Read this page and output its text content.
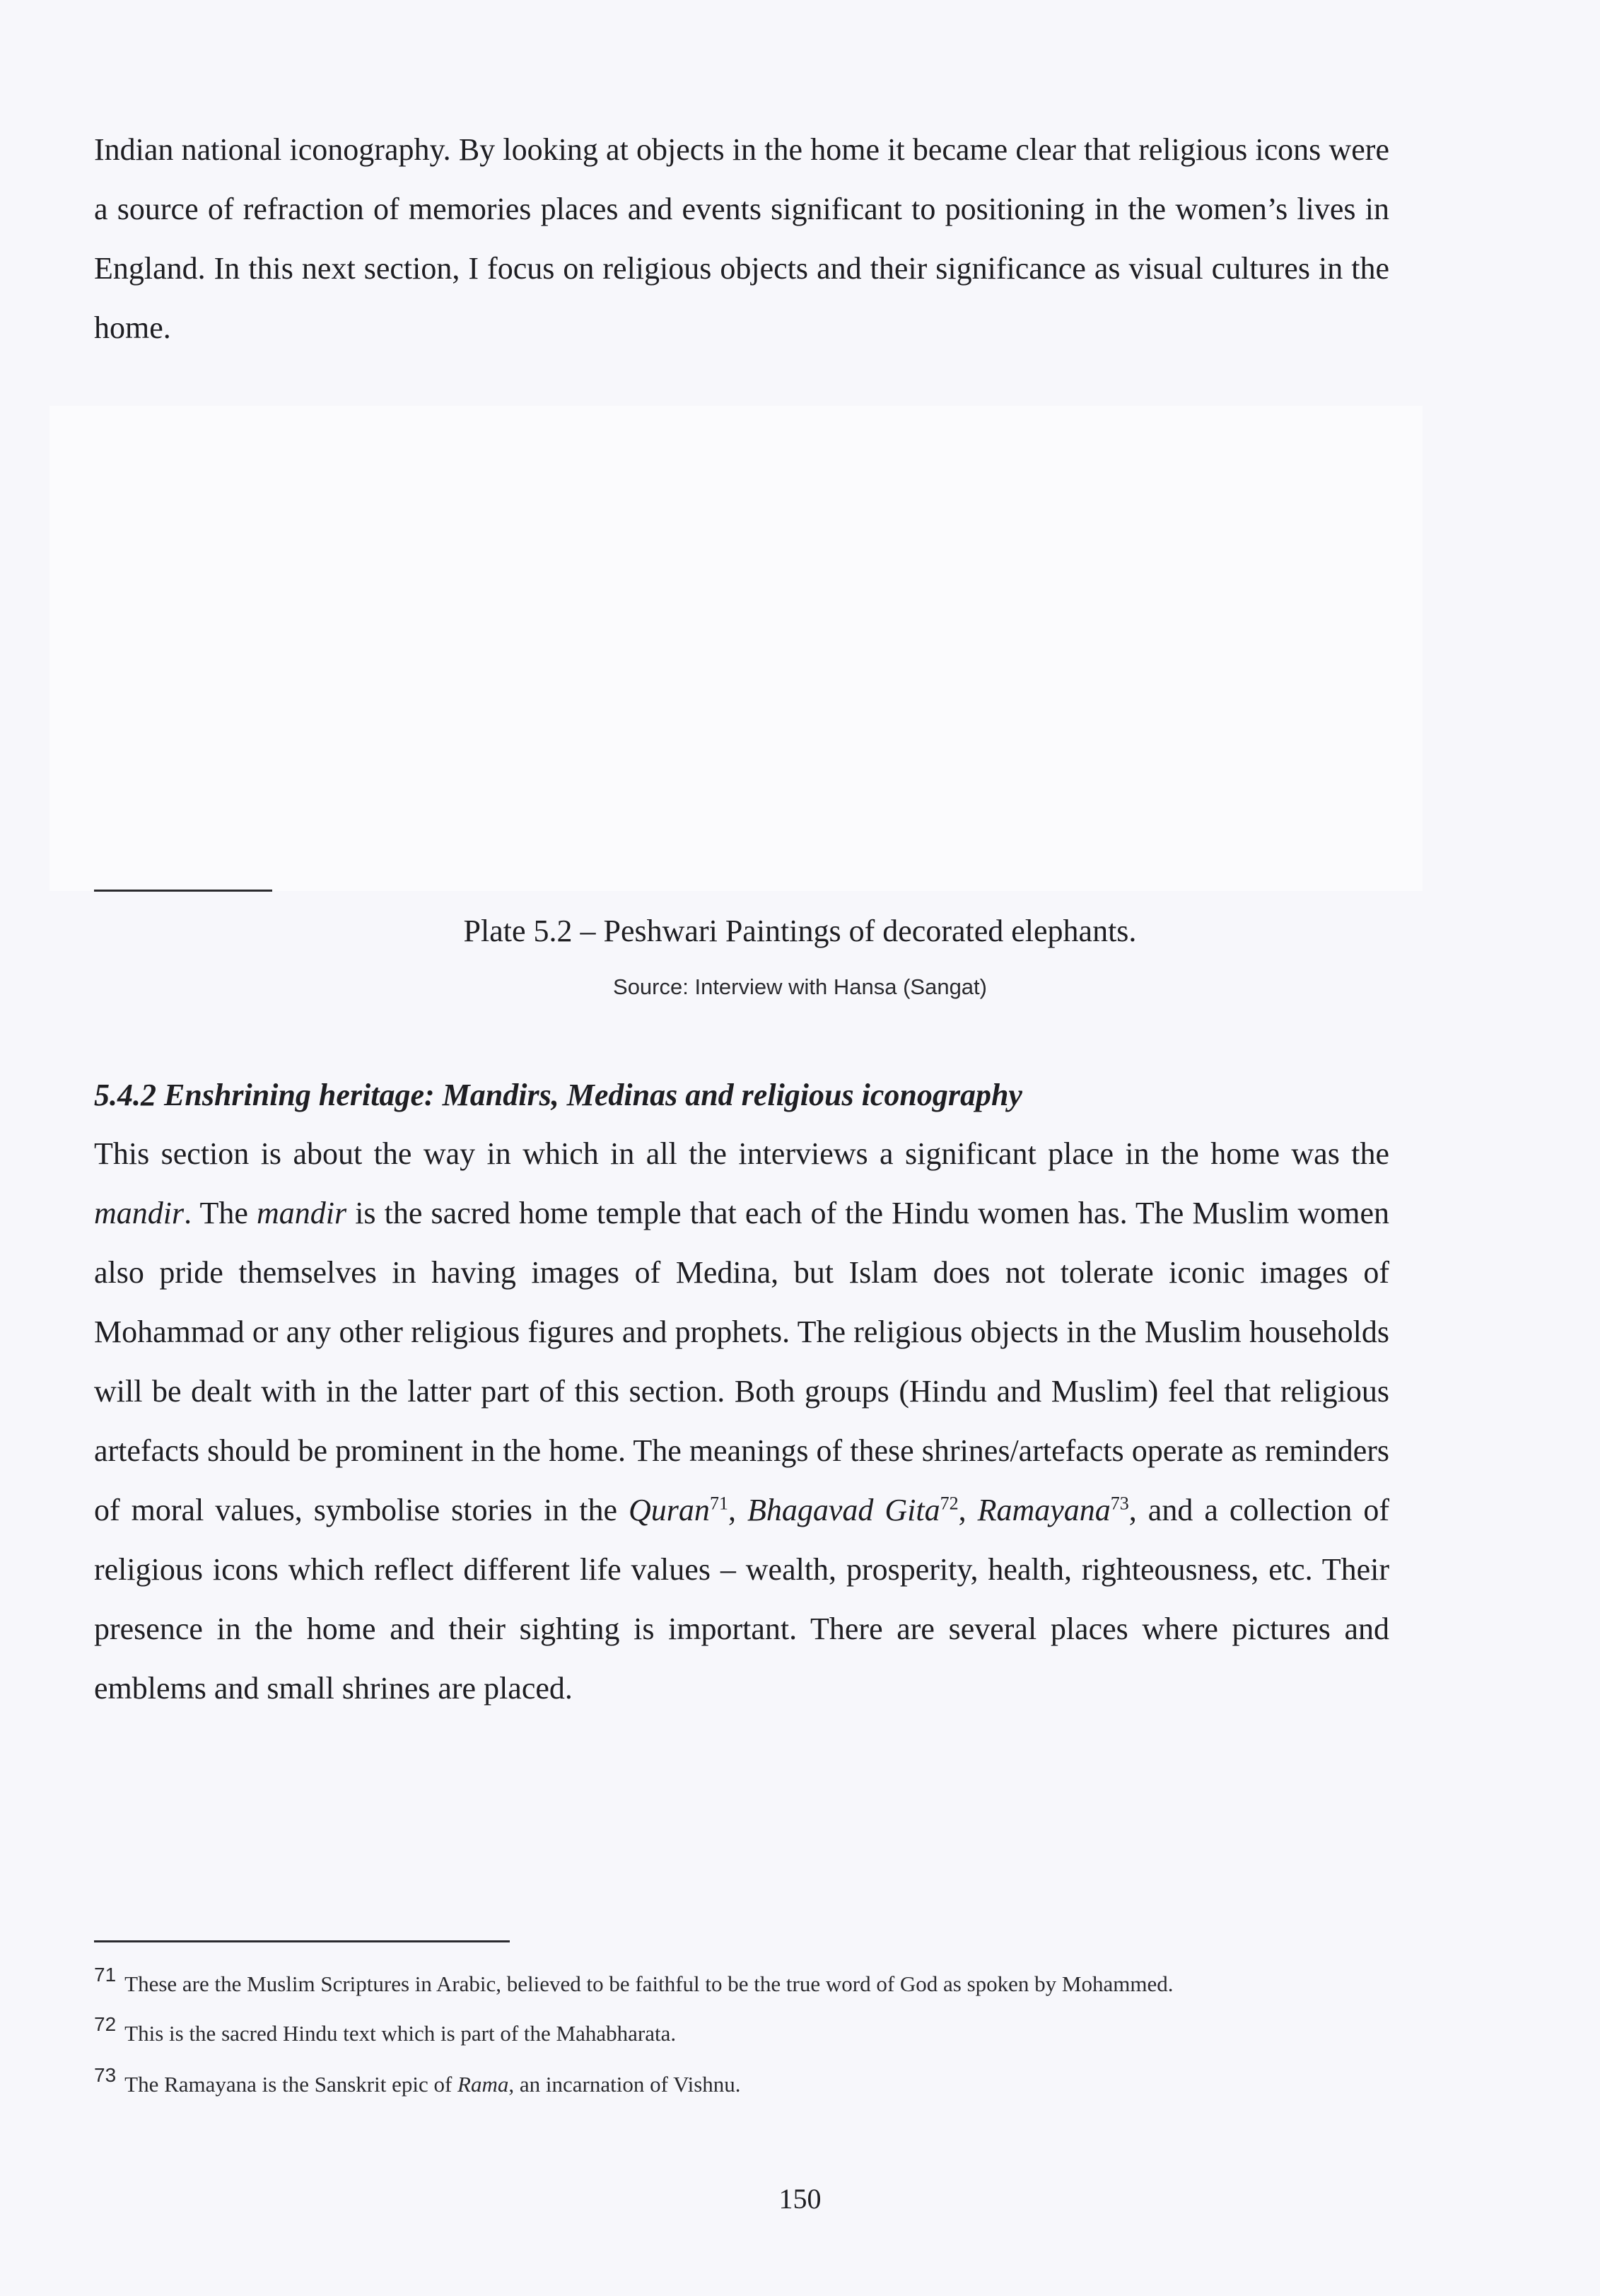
Indian national iconography. By looking at objects in the home it became clear that religious icons were a source of refraction of memories places and events significant to positioning in the women’s lives in England. In this next section, I focus on religious objects and their significance as visual cultures in the home.

Plate 5.2 – Peshwari Paintings of decorated elephants.

Source: Interview with Hansa (Sangat)

5.4.2 Enshrining heritage: Mandirs, Medinas and religious iconography

This section is about the way in which in all the interviews a significant place in the home was the mandir. The mandir is the sacred home temple that each of the Hindu women has. The Muslim women also pride themselves in having images of Medina, but Islam does not tolerate iconic images of Mohammad or any other religious figures and prophets. The religious objects in the Muslim households will be dealt with in the latter part of this section. Both groups (Hindu and Muslim) feel that religious artefacts should be prominent in the home. The meanings of these shrines/artefacts operate as reminders of moral values, symbolise stories in the Quran$^{71}$, Bhagavad Gita$^{72}$, Ramayana$^{73}$, and a collection of religious icons which reflect different life values – wealth, prosperity, health, righteousness, etc. Their presence in the home and their sighting is important. There are several places where pictures and emblems and small shrines are placed.

71 These are the Muslim Scriptures in Arabic, believed to be faithful to be the true word of God as spoken by Mohammed.

72 This is the sacred Hindu text which is part of the Mahabharata.

73 The Ramayana is the Sanskrit epic of Rama, an incarnation of Vishnu.

150
